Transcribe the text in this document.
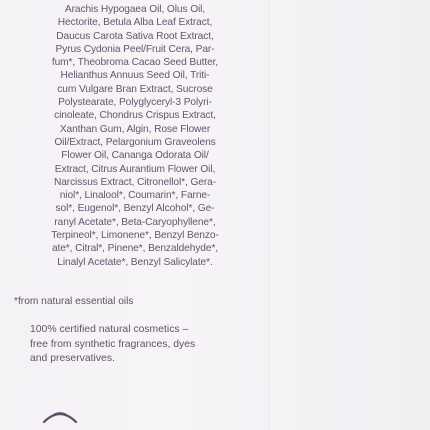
Arachis Hypogaea Oil, Olus Oil,
Hectorite, Betula Alba Leaf Extract,
Daucus Carota Sativa Root Extract,
Pyrus Cydonia Peel/Fruit Cera, Par-
fum*, Theobroma Cacao Seed Butter,
Helianthus Annuus Seed Oil, Triti-
cum Vulgare Bran Extract, Sucrose
Polystearate, Polyglyceryl-3 Polyri-
cinoleate, Chondrus Crispus Extract,
Xanthan Gum, Algin, Rose Flower
Oil/Extract, Pelargonium Graveolens
Flower Oil, Cananga Odorata Oil/
Extract, Citrus Aurantium Flower Oil,
Narcissus Extract, Citronellol*, Gera-
niol*, Linalool*, Coumarin*, Farne-
sol*, Eugenol*, Benzyl Alcohol*, Ge-
ranyl Acetate*, Beta-Caryophyllene*,
Terpineol*, Limonene*, Benzyl Benzo-
ate*, Citral*, Pinene*, Benzaldehyde*,
Linalyl Acetate*, Benzyl Salicylate*.
*from natural essential oils
100% certified natural cosmetics –
free from synthetic fragrances, dyes
and preservatives.
